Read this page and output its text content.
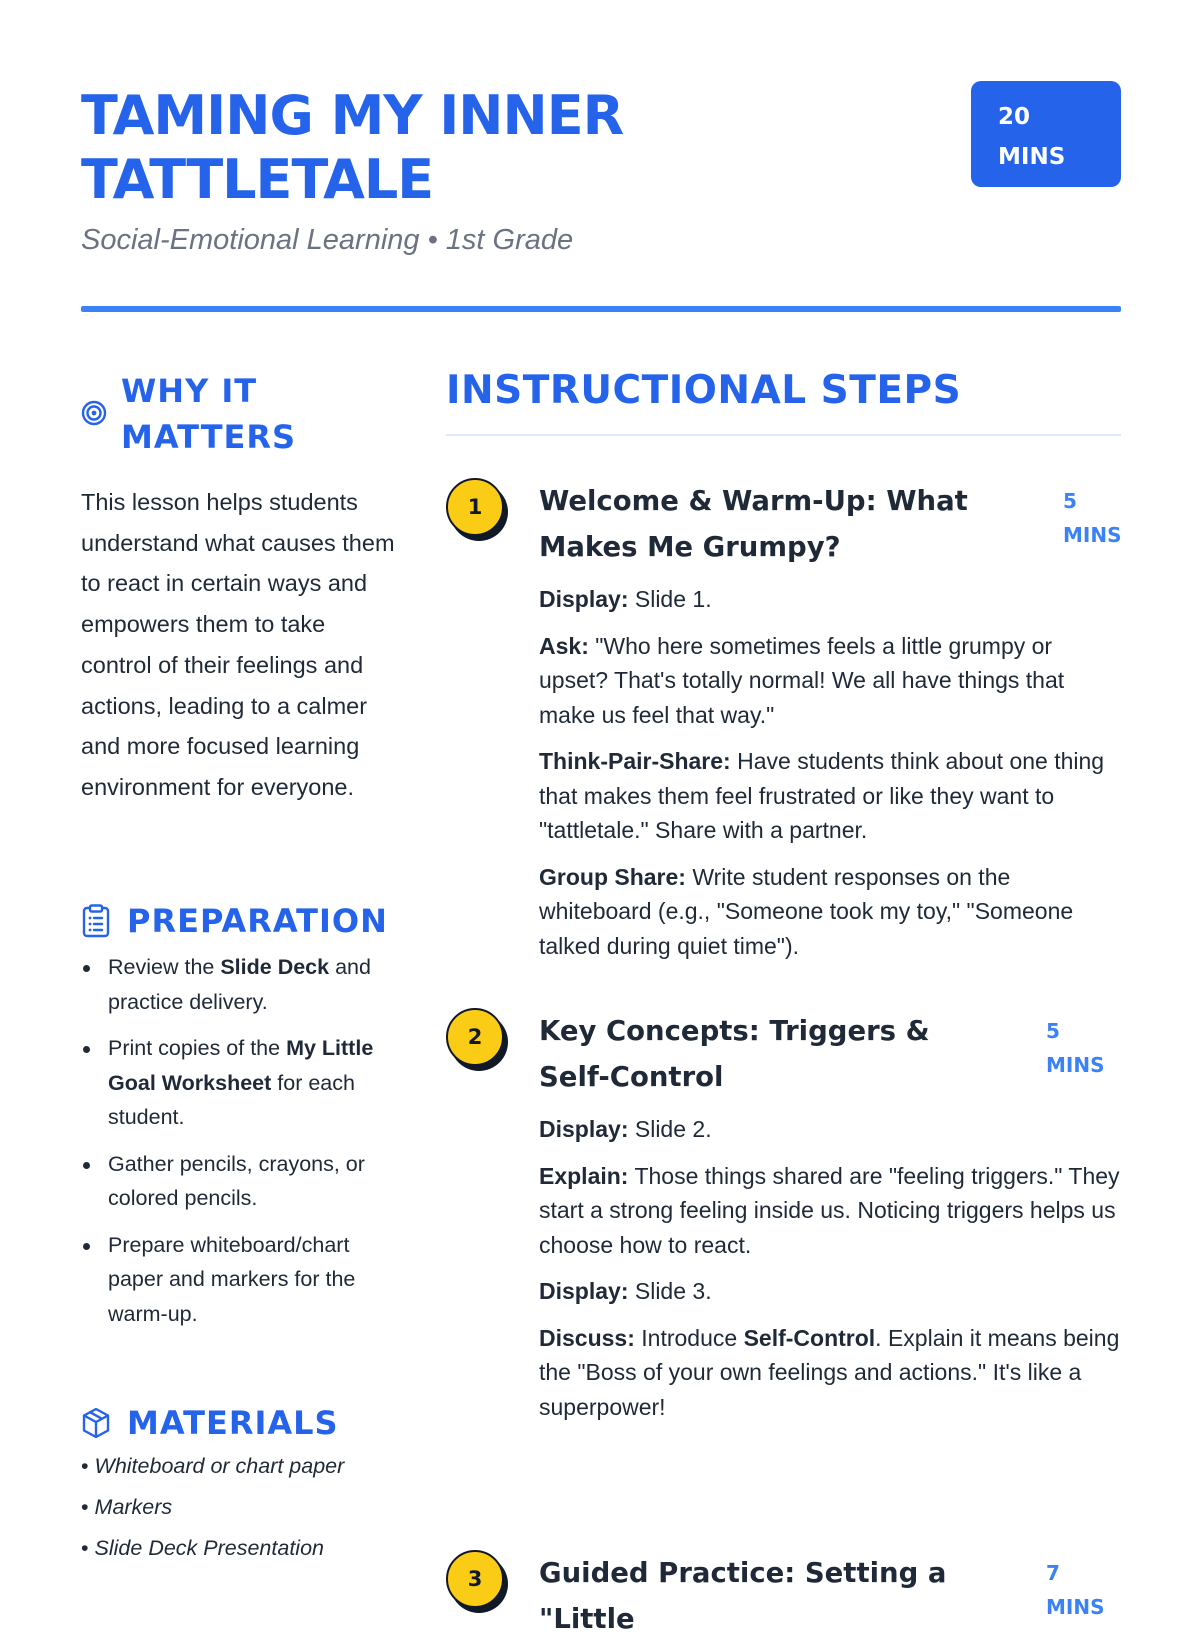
TAMING MY INNER
TATTLETALE
20
MINS

Social-Emotional Learning • 1st Grade

WHY IT
MATTERS

This lesson helps students understand what causes them to react in certain ways and empowers them to take control of their feelings and actions, leading to a calmer and more focused learning environment for everyone.

PREPARATION
Review the Slide Deck and practice delivery.
Print copies of the My Little Goal Worksheet for each student.
Gather pencils, crayons, or colored pencils.
Prepare whiteboard/chart paper and markers for the warm-up.
MATERIALS
• Whiteboard or chart paper
• Markers
• Slide Deck Presentation
INSTRUCTIONAL STEPS
1	Welcome & Warm-Up: What Makes Me Grumpy?

5
MINS

Display: Slide 1.

Ask: "Who here sometimes feels a little grumpy or upset? That's totally normal! We all have things that make us feel that way."

Think-Pair-Share: Have students think about one thing that makes them feel frustrated or like they want to "tattletale." Share with a partner.

Group Share: Write student responses on the whiteboard (e.g., "Someone took my toy," "Someone talked during quiet time").

2	Key Concepts: Triggers & Self-Control

5
MINS

Display: Slide 2.

Explain: Those things shared are "feeling triggers." They start a strong feeling inside us. Noticing triggers helps us choose how to react.

Display: Slide 3.

Discuss: Introduce Self-Control. Explain it means being the "Boss of your own feelings and actions." It's like a superpower!

3	Guided Practice: Setting a "Little

7
MINS
